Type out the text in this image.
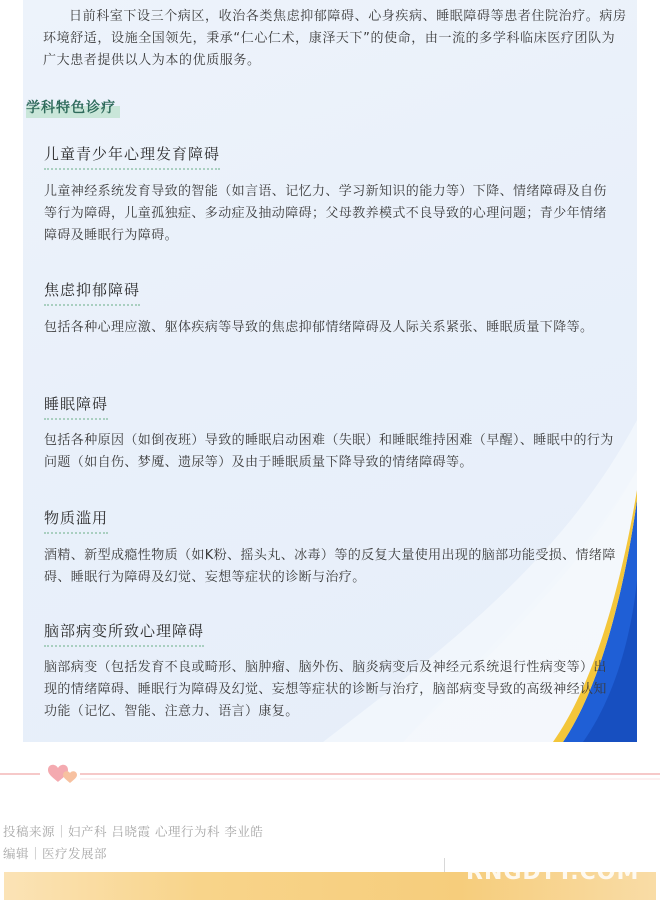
日前科室下设三个病区，收治各类焦虑抑郁障碍、心身疾病、睡眠障碍等患者住院治疗。病房环境舒适，设施全国领先，秉承“仁心仁术，康泽天下”的使命，由一流的多学科临床医疗团队为广大患者提供以人为本的优质服务。

学科特色诊疗
儿童青少年心理发育障碍

儿童神经系统发育导致的智能（如言语、记忆力、学习新知识的能力等）下降、情绪障碍及自伤等行为障碍，儿童孤独症、多动症及抽动障碍；父母教养模式不良导致的心理问题；青少年情绪障碍及睡眠行为障碍。

焦虑抑郁障碍

包括各种心理应激、躯体疾病等导致的焦虑抑郁情绪障碍及人际关系紧张、睡眠质量下降等。

睡眠障碍

包括各种原因（如倒夜班）导致的睡眠启动困难（失眠）和睡眠维持困难（早醒）、睡眠中的行为问题（如自伤、梦魇、遗尿等）及由于睡眠质量下降导致的情绪障碍等。

物质滥用

酒精、新型成瘾性物质（如K粉、摇头丸、冰毒）等的反复大量使用出现的脑部功能受损、情绪障碍、睡眠行为障碍及幻觉、妄想等症状的诊断与治疗。

脑部病变所致心理障碍

脑部病变（包括发育不良或畸形、脑肿瘤、脑外伤、脑炎病变后及神经元系统退行性病变等）出现的情绪障碍、睡眠行为障碍及幻觉、妄想等症状的诊断与治疗，脑部病变导致的高级神经认知功能（记忆、智能、注意力、语言）康复。

投稿来源｜妇产科 吕晓霞 心理行为科 李业皓
编辑｜医疗发展部
RNGDYY.COM
